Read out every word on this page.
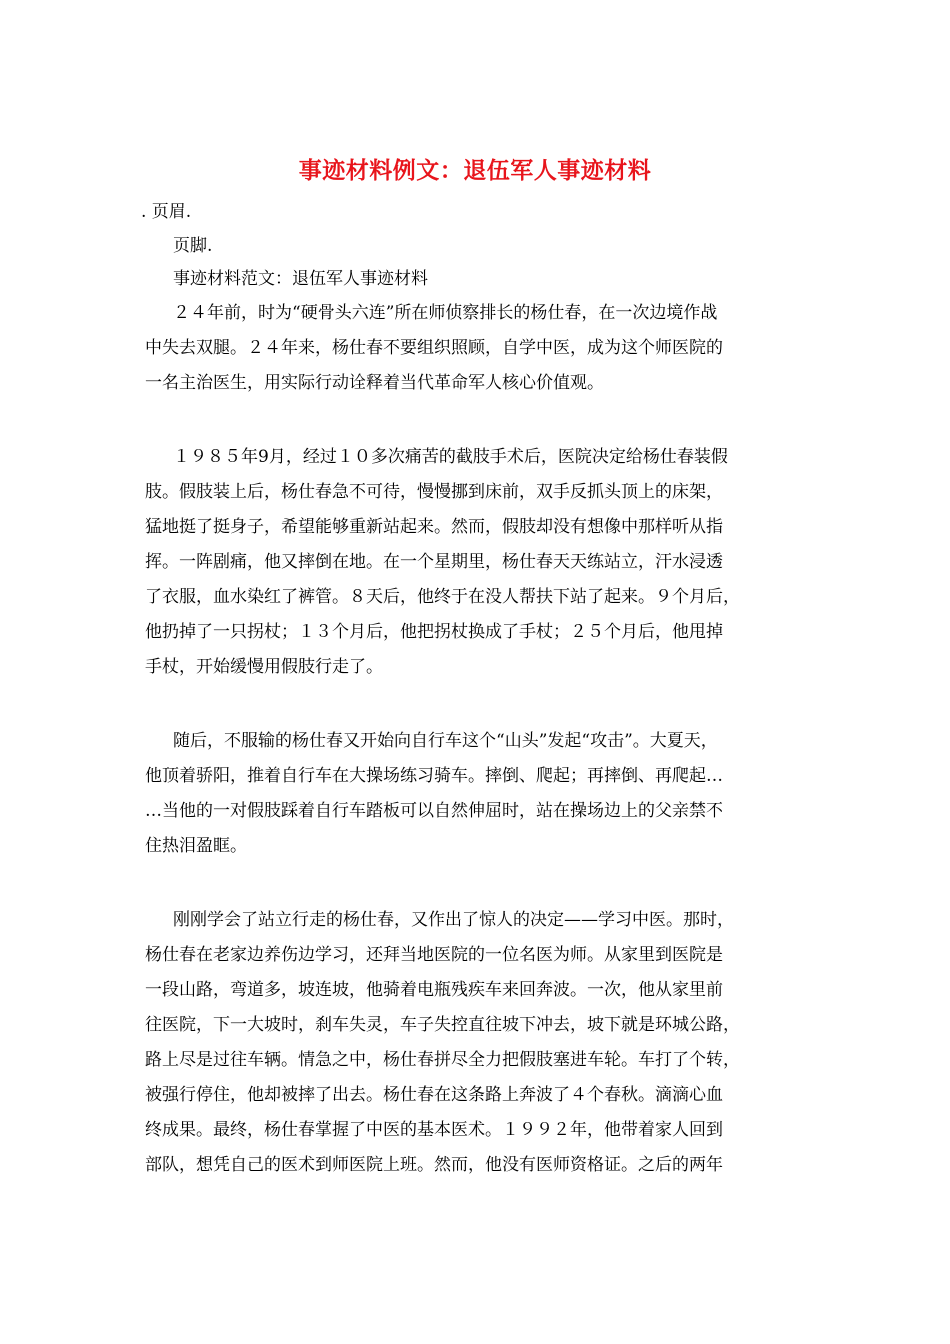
事迹材料例文：退伍军人事迹材料
. 页眉.
页脚.
事迹材料范文：退伍军人事迹材料
２４年前，时为“硬骨头六连”所在师侦察排长的杨仕春，在一次边境作战
中失去双腿。２４年来，杨仕春不要组织照顾，自学中医，成为这个师医院的
一名主治医生，用实际行动诠释着当代革命军人核心价值观。
１９８５年9月，经过１０多次痛苦的截肢手术后，医院决定给杨仕春装假
肢。假肢装上后，杨仕春急不可待，慢慢挪到床前，双手反抓头顶上的床架，
猛地挺了挺身子，希望能够重新站起来。然而，假肢却没有想像中那样听从指
挥。一阵剧痛，他又摔倒在地。在一个星期里，杨仕春天天练站立，汗水浸透
了衣服，血水染红了裤管。８天后，他终于在没人帮扶下站了起来。９个月后，
他扔掉了一只拐杖；１３个月后，他把拐杖换成了手杖；２５个月后，他甩掉
手杖，开始缓慢用假肢行走了。
随后，不服输的杨仕春又开始向自行车这个“山头”发起“攻击”。大夏天，
他顶着骄阳，推着自行车在大操场练习骑车。摔倒、爬起；再摔倒、再爬起…
…当他的一对假肢踩着自行车踏板可以自然伸屈时，站在操场边上的父亲禁不
住热泪盈眶。
刚刚学会了站立行走的杨仕春，又作出了惊人的决定——学习中医。那时，
杨仕春在老家边养伤边学习，还拜当地医院的一位名医为师。从家里到医院是
一段山路，弯道多，坡连坡，他骑着电瓶残疾车来回奔波。一次，他从家里前
往医院，下一大坡时，刹车失灵，车子失控直往坡下冲去，坡下就是环城公路，
路上尽是过往车辆。情急之中，杨仕春拼尽全力把假肢塞进车轮。车打了个转，
被强行停住，他却被摔了出去。杨仕春在这条路上奔波了４个春秋。滴滴心血
终成果。最终，杨仕春掌握了中医的基本医术。１９９２年，他带着家人回到
部队，想凭自己的医术到师医院上班。然而，他没有医师资格证。之后的两年
